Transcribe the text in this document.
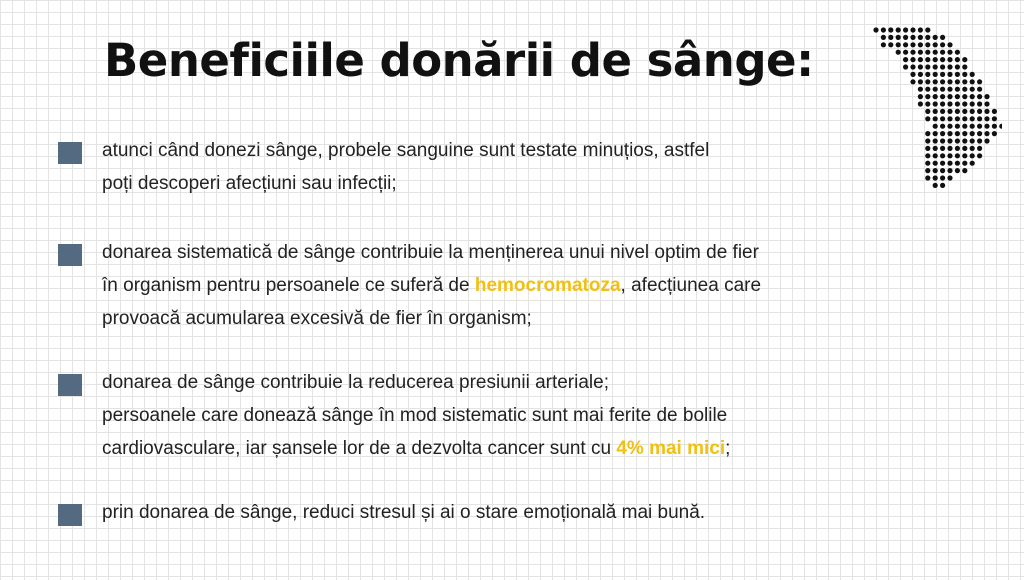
Beneficiile donării de sânge:
atunci când donezi sânge, probele sanguine sunt testate minuțios, astfel
poți descoperi afecțiuni sau infecții;
donarea sistematică de sânge contribuie la menținerea unui nivel optim de fier
în organism pentru persoanele ce suferă de hemocromatoza, afecțiunea care
provoacă acumularea excesivă de fier în organism;
donarea de sânge contribuie la reducerea presiunii arteriale;
persoanele care donează sânge în mod sistematic sunt mai ferite de bolile
cardiovasculare, iar șansele lor de a dezvolta cancer sunt cu 4% mai mici;
prin donarea de sânge, reduci stresul și ai o stare emoțională mai bună.
